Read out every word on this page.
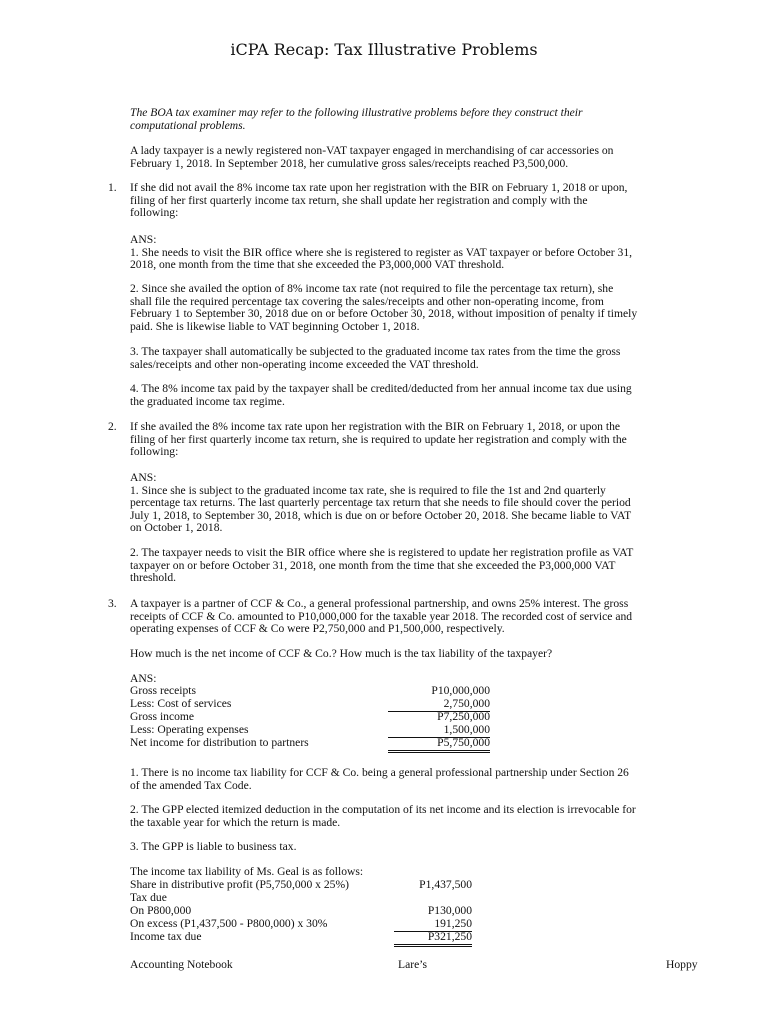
iCPA Recap: Tax Illustrative Problems
The BOA tax examiner may refer to the following illustrative problems before they construct their
computational problems.
A lady taxpayer is a newly registered non-VAT taxpayer engaged in merchandising of car accessories on
February 1, 2018. In September 2018, her cumulative gross sales/receipts reached P3,500,000.
1. If she did not avail the 8% income tax rate upon her registration with the BIR on February 1, 2018 or upon,
filing of her first quarterly income tax return, she shall update her registration and comply with the
following:
ANS:
1. She needs to visit the BIR office where she is registered to register as VAT taxpayer or before October 31,
2018, one month from the time that she exceeded the P3,000,000 VAT threshold.
2. Since she availed the option of 8% income tax rate (not required to file the percentage tax return), she
shall file the required percentage tax covering the sales/receipts and other non-operating income, from
February 1 to September 30, 2018 due on or before October 30, 2018, without imposition of penalty if timely
paid. She is likewise liable to VAT beginning October 1, 2018.
3. The taxpayer shall automatically be subjected to the graduated income tax rates from the time the gross
sales/receipts and other non-operating income exceeded the VAT threshold.
4. The 8% income tax paid by the taxpayer shall be credited/deducted from her annual income tax due using
the graduated income tax regime.
2. If she availed the 8% income tax rate upon her registration with the BIR on February 1, 2018, or upon the
filing of her first quarterly income tax return, she is required to update her registration and comply with the
following:
ANS:
1. Since she is subject to the graduated income tax rate, she is required to file the 1st and 2nd quarterly
percentage tax returns. The last quarterly percentage tax return that she needs to file should cover the period
July 1, 2018, to September 30, 2018, which is due on or before October 20, 2018. She became liable to VAT
on October 1, 2018.
2. The taxpayer needs to visit the BIR office where she is registered to update her registration profile as VAT
taxpayer on or before October 31, 2018, one month from the time that she exceeded the P3,000,000 VAT
threshold.
3. A taxpayer is a partner of CCF & Co., a general professional partnership, and owns 25% interest. The gross
receipts of CCF & Co. amounted to P10,000,000 for the taxable year 2018. The recorded cost of service and
operating expenses of CCF & Co were P2,750,000 and P1,500,000, respectively.
How much is the net income of CCF & Co.? How much is the tax liability of the taxpayer?
ANS:
Gross receipts	P10,000,000
Less: Cost of services	2,750,000
Gross income	P7,250,000
Less: Operating expenses	1,500,000
Net income for distribution to partners	P5,750,000
1. There is no income tax liability for CCF & Co. being a general professional partnership under Section 26
of the amended Tax Code.
2. The GPP elected itemized deduction in the computation of its net income and its election is irrevocable for
the taxable year for which the return is made.
3. The GPP is liable to business tax.
The income tax liability of Ms. Geal is as follows:
Share in distributive profit (P5,750,000 x 25%)	P1,437,500
Tax due
On P800,000	P130,000
On excess (P1,437,500 - P800,000) x 30%	191,250
Income tax due	P321,250
Accounting Notebook	Lare’s	Hoppy
